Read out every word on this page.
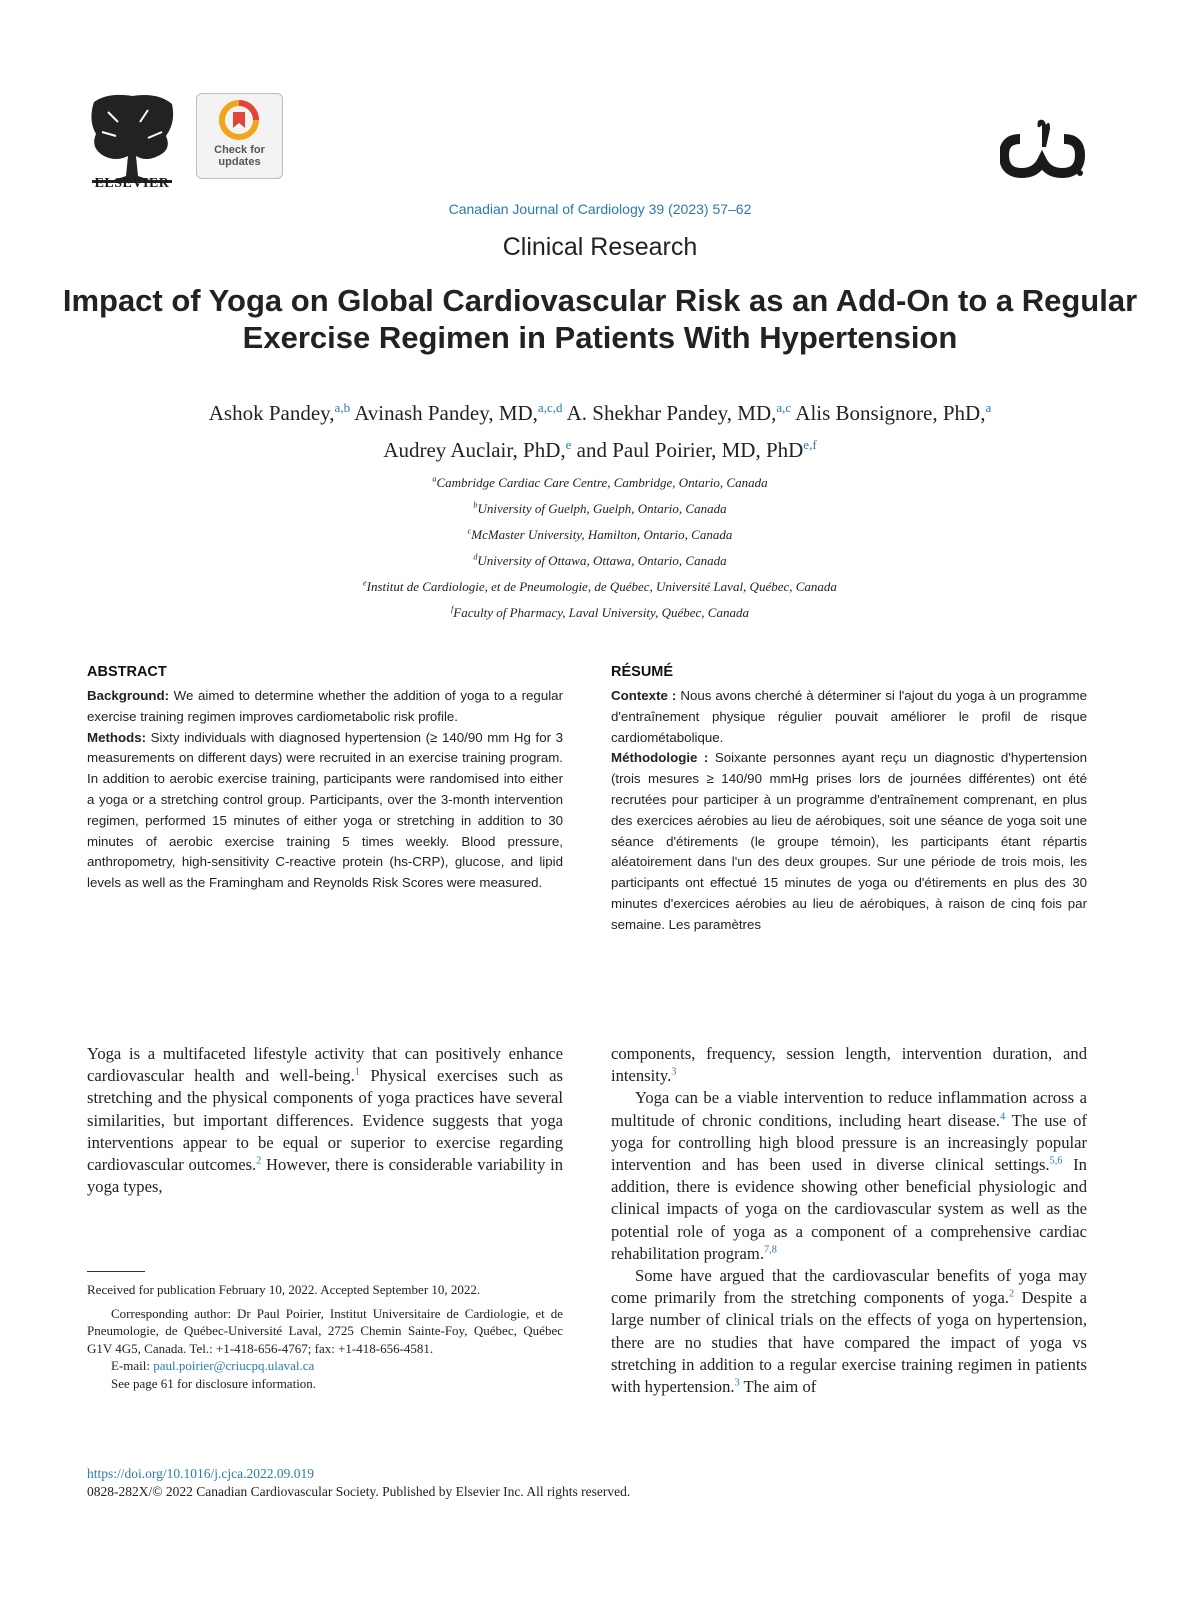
ELSEVIER
Check for
updates
Canadian Journal of Cardiology 39 (2023) 57–62
Clinical Research
Impact of Yoga on Global Cardiovascular Risk as an Add-On to a Regular Exercise Regimen in Patients With Hypertension
Ashok Pandey,$^{a,b}$ Avinash Pandey, MD,$^{a,c,d}$ A. Shekhar Pandey, MD,$^{a,c}$ Alis Bonsignore, PhD,$^a$
Audrey Auclair, PhD,$^e$ and Paul Poirier, MD, PhD$^{e,f}$
$^a$Cambridge Cardiac Care Centre, Cambridge, Ontario, Canada
$^b$University of Guelph, Guelph, Ontario, Canada
$^c$McMaster University, Hamilton, Ontario, Canada
$^d$University of Ottawa, Ottawa, Ontario, Canada
$^e$Institut de Cardiologie, et de Pneumologie, de Québec, Université Laval, Québec, Canada
$^f$Faculty of Pharmacy, Laval University, Québec, Canada
ABSTRACT

Background: We aimed to determine whether the addition of yoga to a regular exercise training regimen improves cardiometabolic risk profile.

Methods: Sixty individuals with diagnosed hypertension (≥ 140/90 mm Hg for 3 measurements on different days) were recruited in an exercise training program. In addition to aerobic exercise training, participants were randomised into either a yoga or a stretching control group. Participants, over the 3-month intervention regimen, performed 15 minutes of either yoga or stretching in addition to 30 minutes of aerobic exercise training 5 times weekly. Blood pressure, anthropometry, high-sensitivity C-reactive protein (hs-CRP), glucose, and lipid levels as well as the Framingham and Reynolds Risk Scores were measured.

RÉSUMÉ

Contexte : Nous avons cherché à déterminer si l'ajout du yoga à un programme d'entraînement physique régulier pouvait améliorer le profil de risque cardiométabolique.

Méthodologie : Soixante personnes ayant reçu un diagnostic d'hypertension (trois mesures ≥ 140/90 mmHg prises lors de journées différentes) ont été recrutées pour participer à un programme d'entraînement comprenant, en plus des exercices aérobies au lieu de aérobiques, soit une séance de yoga soit une séance d'étirements (le groupe témoin), les participants étant répartis aléatoirement dans l'un des deux groupes. Sur une période de trois mois, les participants ont effectué 15 minutes de yoga ou d'étirements en plus des 30 minutes d'exercices aérobies au lieu de aérobiques, à raison de cinq fois par semaine. Les paramètres

Yoga is a multifaceted lifestyle activity that can positively enhance cardiovascular health and well-being.$^1$ Physical exercises such as stretching and the physical components of yoga practices have several similarities, but important differences. Evidence suggests that yoga interventions appear to be equal or superior to exercise regarding cardiovascular outcomes.$^2$ However, there is considerable variability in yoga types,

components, frequency, session length, intervention duration, and intensity.$^3$

Yoga can be a viable intervention to reduce inflammation across a multitude of chronic conditions, including heart disease.$^4$ The use of yoga for controlling high blood pressure is an increasingly popular intervention and has been used in diverse clinical settings.$^{5,6}$ In addition, there is evidence showing other beneficial physiologic and clinical impacts of yoga on the cardiovascular system as well as the potential role of yoga as a component of a comprehensive cardiac rehabilitation program.$^{7,8}$

Some have argued that the cardiovascular benefits of yoga may come primarily from the stretching components of yoga.$^2$ Despite a large number of clinical trials on the effects of yoga on hypertension, there are no studies that have compared the impact of yoga vs stretching in addition to a regular exercise training regimen in patients with hypertension.$^3$ The aim of

Received for publication February 10, 2022. Accepted September 10, 2022.

Corresponding author: Dr Paul Poirier, Institut Universitaire de Cardiologie, et de Pneumologie, de Québec-Université Laval, 2725 Chemin Sainte-Foy, Québec, Québec G1V 4G5, Canada. Tel.: +1-418-656-4767; fax: +1-418-656-4581.

E-mail: paul.poirier@criucpq.ulaval.ca

See page 61 for disclosure information.

https://doi.org/10.1016/j.cjca.2022.09.019
0828-282X/© 2022 Canadian Cardiovascular Society. Published by Elsevier Inc. All rights reserved.
